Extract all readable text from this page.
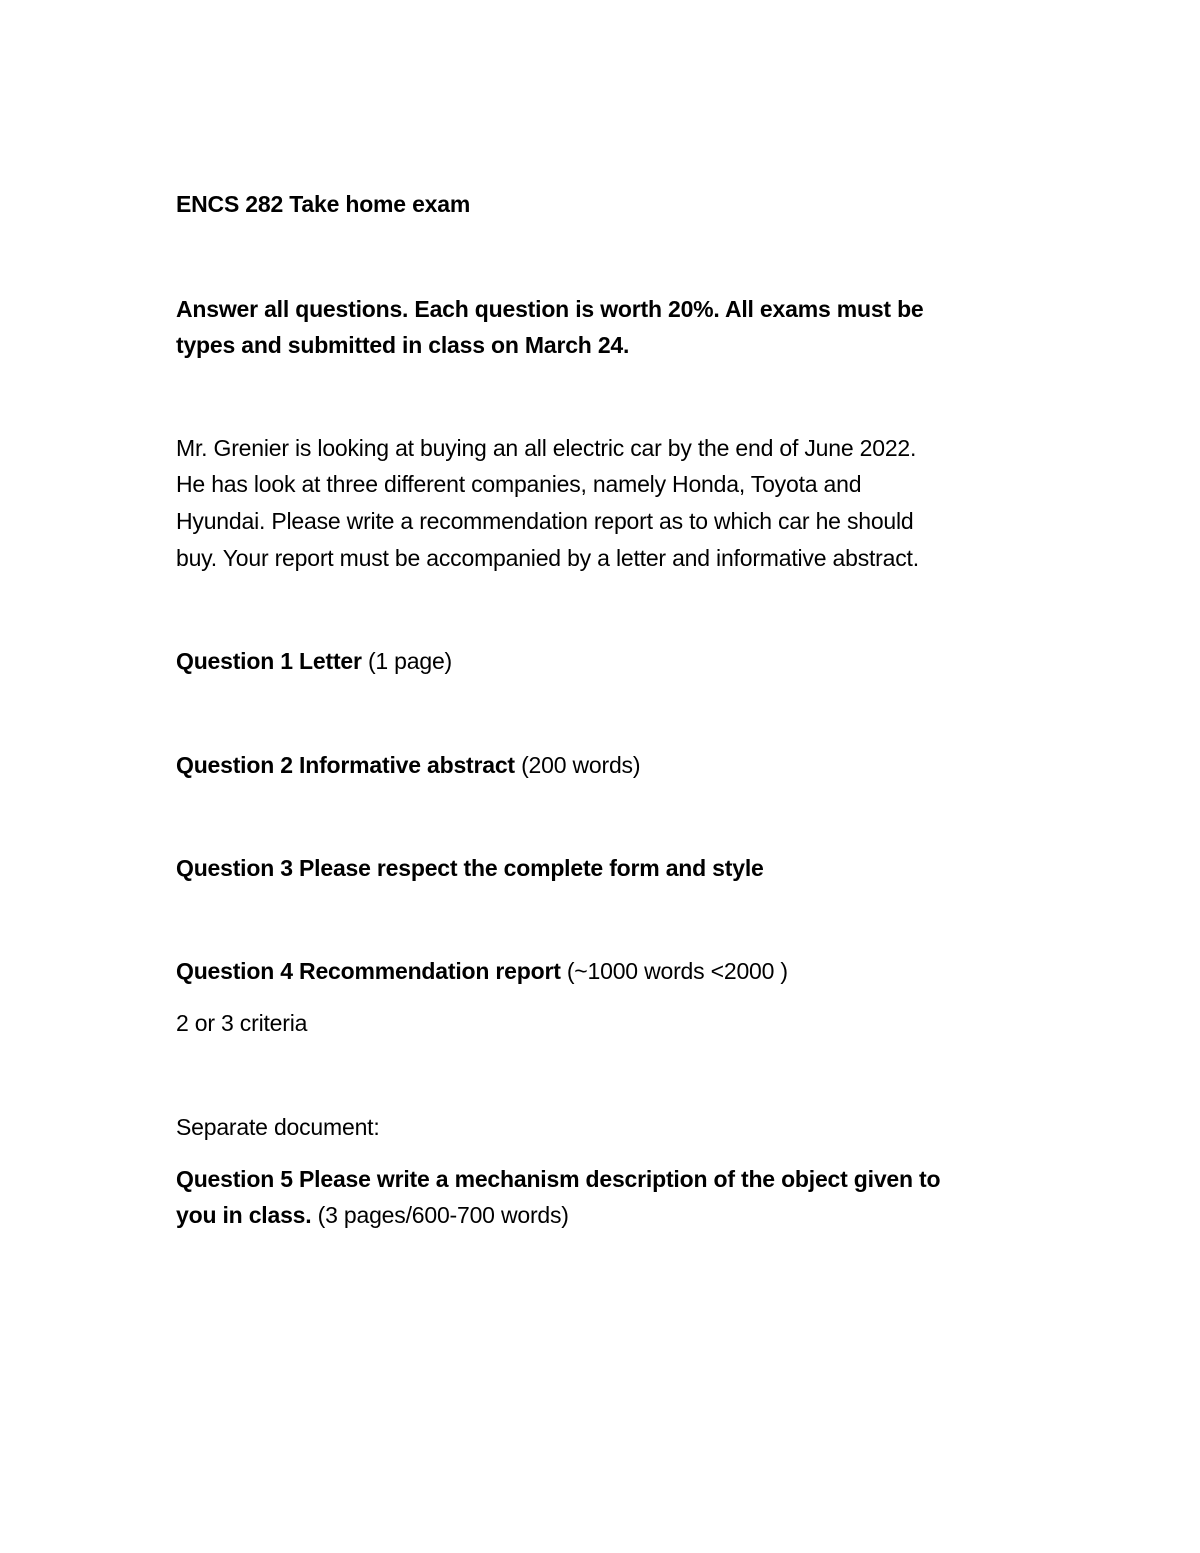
ENCS 282 Take home exam
Answer all questions. Each question is worth 20%. All exams must be
types and submitted in class on March 24.
Mr. Grenier is looking at buying an all electric car by the end of June 2022.
He has look at three different companies, namely Honda, Toyota and
Hyundai. Please write a recommendation report as to which car he should
buy. Your report must be accompanied by a letter and informative abstract.
Question 1 Letter (1 page)
Question 2 Informative abstract (200 words)
Question 3 Please respect the complete form and style
Question 4 Recommendation report (~1000 words <2000 )
2 or 3 criteria
Separate document:
Question 5 Please write a mechanism description of the object given to
you in class. (3 pages/600-700 words)
